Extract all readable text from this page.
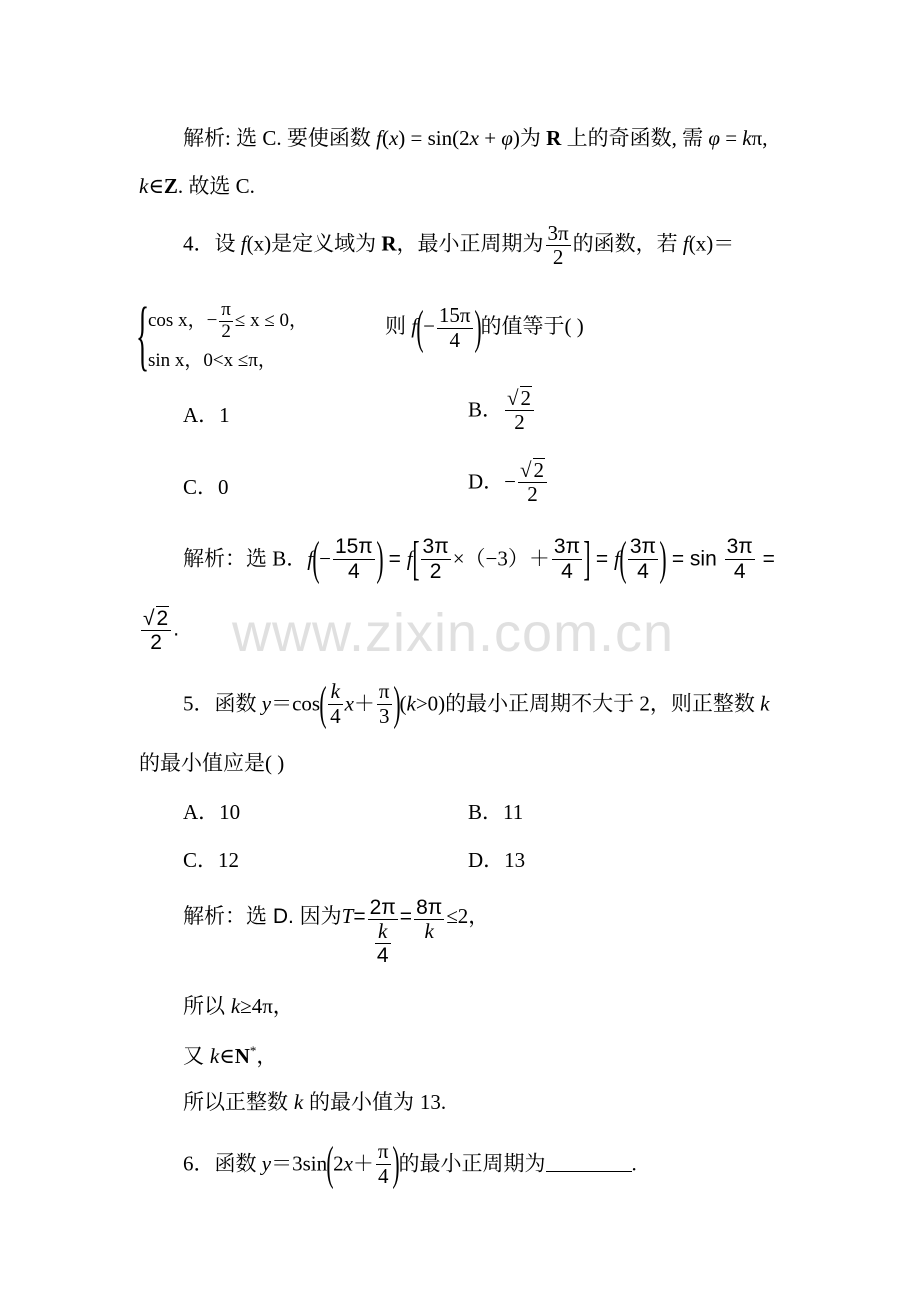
www.zixin.com.cn
解析: 选 C. 要使函数 f(x) = sin(2x + φ)为 R 上的奇函数, 需 φ = kπ,
k∈Z. 故选 C.
4．设 f(x)是定义域为 R，最小正周期为 $\frac{3\pi}{2}$ 的函数，若 f(x)＝
{
cos x，− $\frac{\pi}{2} \le x \le 0$，
sin x，0<x ≤π，
则 $f(- \frac{15\pi}{4}$ )的值等于( )
A．1	B． $\frac{√2}{2}$
C．0	D．− $\frac{√2}{2}$
解析：选 B．$f(- \frac{15\pi}{4}$ ) = $f[ \frac{3\pi}{2} \times(-3)+ \frac{3\pi}{4}$ ] = $f( \frac{3\pi}{4}$ ) = $\sin \frac{3\pi}{4}$ =
$\frac{√2}{2}$ .
5．函数 $y=\cos( \frac{k}{4} x+ \frac{\pi}{3} )(k>0)$的最小正周期不大于 2，则正整数 k
的最小值应是( )
A．10	B．11
C．12	D．13
解析：选 D. 因为$T= \frac{2\pi}{\frac{k}{4}} = \frac{8\pi}{k} \le 2$，
所以 k≥4π，
又 k∈N*，
所以正整数 k 的最小值为 13.
6．函数 $y=3\sin(2x+ \frac{\pi}{4}$ )的最小正周期为	.
